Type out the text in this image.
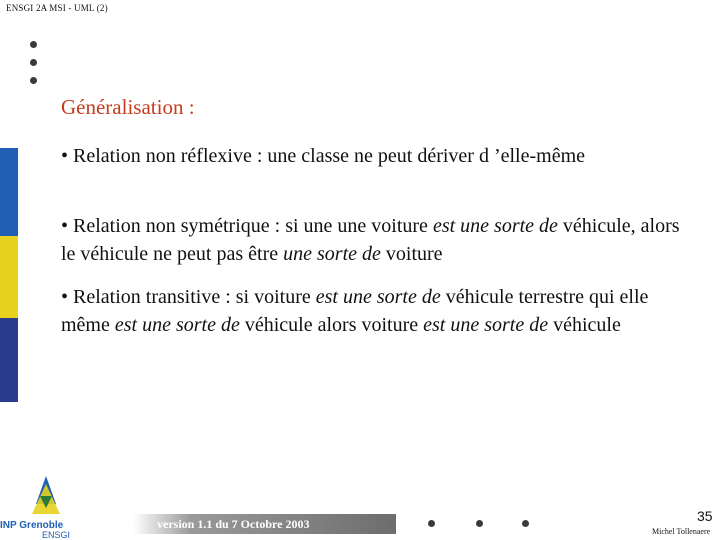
ENSGI 2A MSI - UML (2)
Généralisation :
• Relation non réflexive : une classe ne peut dériver d ’elle-même
• Relation non symétrique : si une une voiture est une sorte de véhicule, alors le véhicule ne peut pas être une sorte de voiture
• Relation transitive : si voiture est une sorte de véhicule terrestre qui elle même est une sorte de véhicule alors voiture est une sorte de véhicule
INP Grenoble
ENSGI
version 1.1 du 7 Octobre 2003	35
Michel Tollenaere
